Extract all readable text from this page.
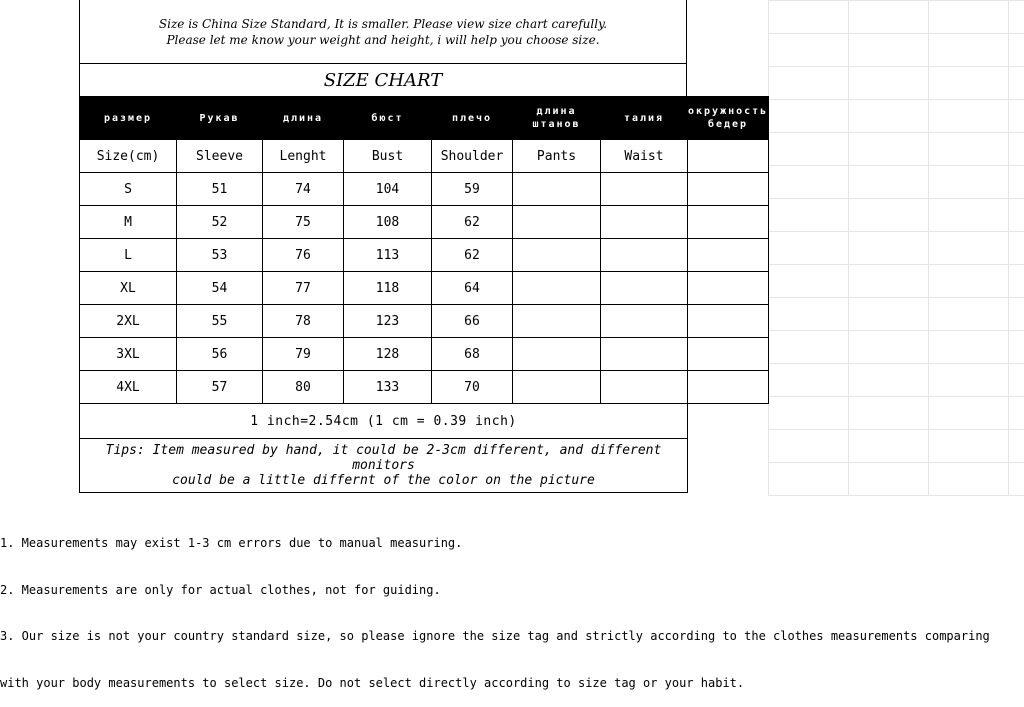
Size is China Size Standard, It is smaller. Please view size chart carefully.
Please let me know your weight and height, i will help you choose size.
SIZE CHART
размер	Рукав	длина	бюст	плечо	длина штанов	талия	окружность бедер
Size(cm)	Sleeve	Lenght	Bust	Shoulder	Pants	Waist	
S	51	74	104	59			
M	52	75	108	62			
L	53	76	113	62			
XL	54	77	118	64			
2XL	55	78	123	66			
3XL	56	79	128	68			
4XL	57	80	133	70			
1 inch=2.54cm (1 cm = 0.39 inch)							

Tips: Item measured by hand, it could be 2-3cm different, and different monitors
could be a little differnt of the color on the picture							

1. Measurements may exist 1-3 cm errors due to manual measuring.

2. Measurements are only for actual clothes, not for guiding.

3. Our size is not your country standard size, so please ignore the size tag and strictly according to the clothes measurements comparing

with your body measurements to select size. Do not select directly according to size tag or your habit.
